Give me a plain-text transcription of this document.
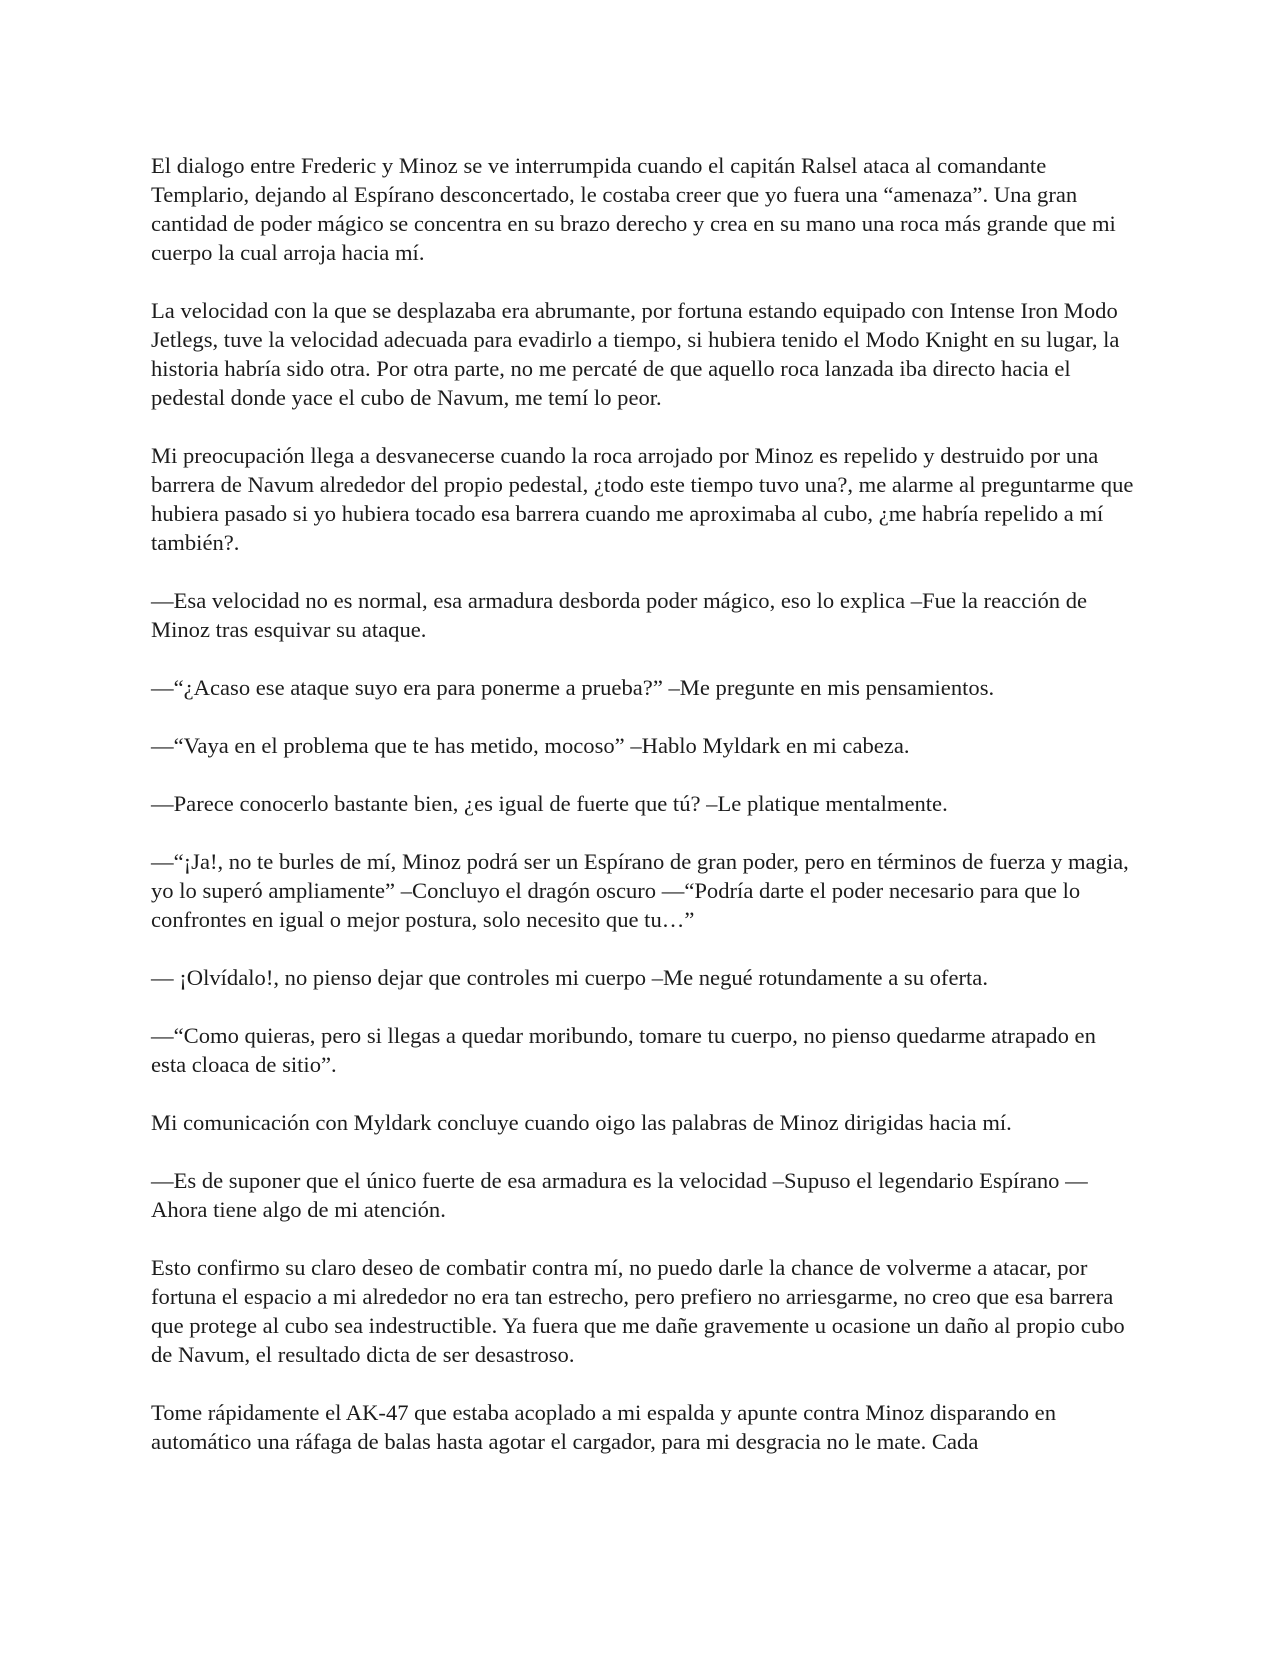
El dialogo entre Frederic y Minoz se ve interrumpida cuando el capitán Ralsel ataca al comandante Templario, dejando al Espírano desconcertado, le costaba creer que yo fuera una “amenaza”. Una gran cantidad de poder mágico se concentra en su brazo derecho y crea en su mano una roca más grande que mi cuerpo la cual arroja hacia mí.

La velocidad con la que se desplazaba era abrumante, por fortuna estando equipado con Intense Iron Modo Jetlegs, tuve la velocidad adecuada para evadirlo a tiempo, si hubiera tenido el Modo Knight en su lugar, la historia habría sido otra. Por otra parte, no me percaté de que aquello roca lanzada iba directo hacia el pedestal donde yace el cubo de Navum, me temí lo peor.

Mi preocupación llega a desvanecerse cuando la roca arrojado por Minoz es repelido y destruido por una barrera de Navum alrededor del propio pedestal, ¿todo este tiempo tuvo una?, me alarme al preguntarme que hubiera pasado si yo hubiera tocado esa barrera cuando me aproximaba al cubo, ¿me habría repelido a mí también?.

—Esa velocidad no es normal, esa armadura desborda poder mágico, eso lo explica –Fue la reacción de Minoz tras esquivar su ataque.

—“¿Acaso ese ataque suyo era para ponerme a prueba?” –Me pregunte en mis pensamientos.

—“Vaya en el problema que te has metido, mocoso” –Hablo Myldark en mi cabeza.

—Parece conocerlo bastante bien, ¿es igual de fuerte que tú? –Le platique mentalmente.

—“¡Ja!, no te burles de mí, Minoz podrá ser un Espírano de gran poder, pero en términos de fuerza y magia, yo lo superó ampliamente” –Concluyo el dragón oscuro —“Podría darte el poder necesario para que lo confrontes en igual o mejor postura, solo necesito que tu…”

— ¡Olvídalo!, no pienso dejar que controles mi cuerpo –Me negué rotundamente a su oferta.

—“Como quieras, pero si llegas a quedar moribundo, tomare tu cuerpo, no pienso quedarme atrapado en esta cloaca de sitio”.

Mi comunicación con Myldark concluye cuando oigo las palabras de Minoz dirigidas hacia mí.

—Es de suponer que el único fuerte de esa armadura es la velocidad –Supuso el legendario Espírano —Ahora tiene algo de mi atención.

Esto confirmo su claro deseo de combatir contra mí, no puedo darle la chance de volverme a atacar, por fortuna el espacio a mi alrededor no era tan estrecho, pero prefiero no arriesgarme, no creo que esa barrera que protege al cubo sea indestructible. Ya fuera que me dañe gravemente u ocasione un daño al propio cubo de Navum, el resultado dicta de ser desastroso.

Tome rápidamente el AK-47 que estaba acoplado a mi espalda y apunte contra Minoz disparando en automático una ráfaga de balas hasta agotar el cargador, para mi desgracia no le mate. Cada
